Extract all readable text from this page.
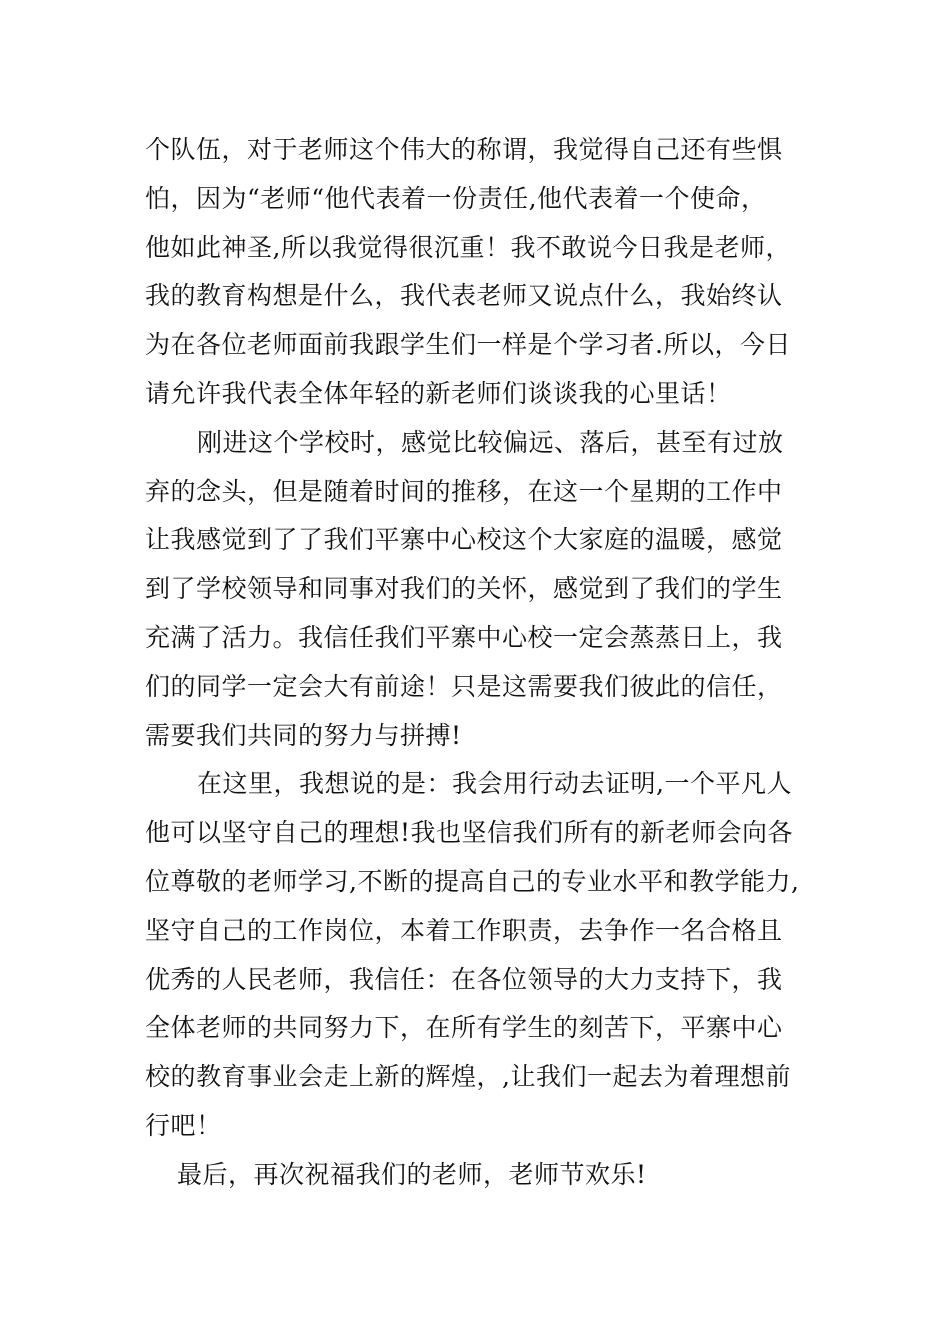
个队伍，对于老师这个伟大的称谓，我觉得自己还有些惧
怕，因为“老师“他代表着一份责任,他代表着一个使命，
他如此神圣,所以我觉得很沉重！我不敢说今日我是老师，
我的教育构想是什么，我代表老师又说点什么，我始终认
为在各位老师面前我跟学生们一样是个学习者.所以，今日
请允许我代表全体年轻的新老师们谈谈我的心里话！
刚进这个学校时，感觉比较偏远、落后，甚至有过放
弃的念头，但是随着时间的推移，在这一个星期的工作中
让我感觉到了了我们平寨中心校这个大家庭的温暖，感觉
到了学校领导和同事对我们的关怀，感觉到了我们的学生
充满了活力。我信任我们平寨中心校一定会蒸蒸日上，我
们的同学一定会大有前途！只是这需要我们彼此的信任，
需要我们共同的努力与拼搏!
在这里，我想说的是：我会用行动去证明,一个平凡人
他可以坚守自己的理想!我也坚信我们所有的新老师会向各
位尊敬的老师学习,不断的提高自己的专业水平和教学能力,
坚守自己的工作岗位，本着工作职责，去争作一名合格且
优秀的人民老师，我信任：在各位领导的大力支持下，我
全体老师的共同努力下，在所有学生的刻苦下，平寨中心
校的教育事业会走上新的辉煌，,让我们一起去为着理想前
行吧！
最后，再次祝福我们的老师，老师节欢乐!
